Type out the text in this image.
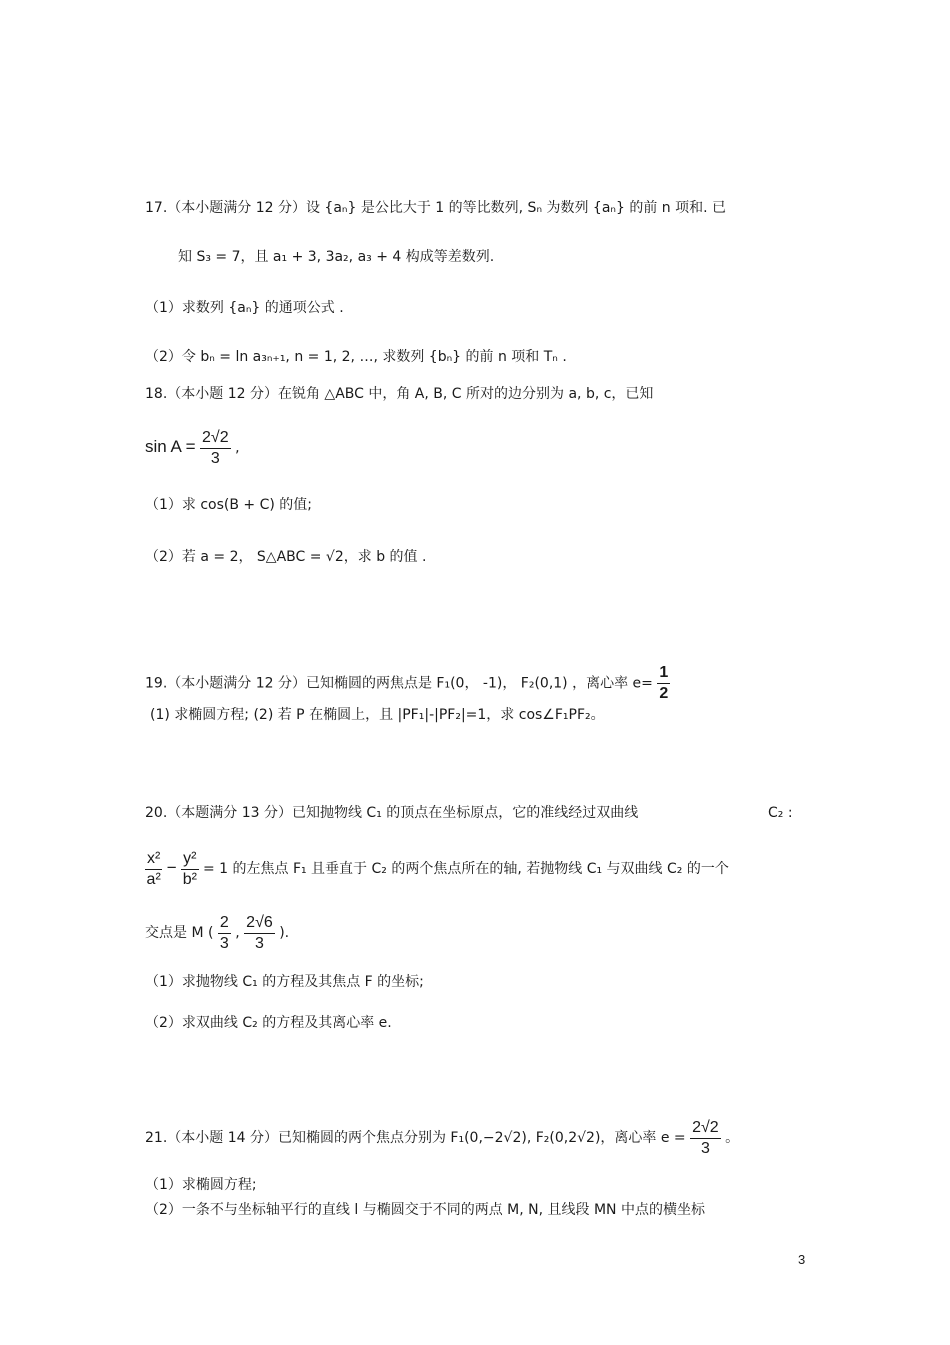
17.（本小题满分 12 分）设 {aₙ} 是公比大于 1 的等比数列, Sₙ 为数列 {aₙ} 的前 n 项和. 已
知 S₃ = 7，且 a₁ + 3, 3a₂, a₃ + 4 构成等差数列.
（1）求数列 {aₙ} 的通项公式 .
（2）令 bₙ = ln a₃ₙ₊₁, n = 1, 2, …, 求数列 {bₙ} 的前 n 项和 Tₙ .
18.（本小题 12 分）在锐角 △ABC 中，角 A, B, C 所对的边分别为 a, b, c，已知
$\sin A = \frac{2√2}{3}$ ,
（1）求 cos(B + C) 的值;
（2）若 a = 2， S△ABC = √2，求 b 的值 .
19.（本小题满分 12 分）已知椭圆的两焦点是 F₁(0， -1)， F₂(0,1) ，离心率 $e= \frac{1}{2}$
(1) 求椭圆方程; (2) 若 P 在椭圆上，且 |PF₁|-|PF₂|=1，求 cos∠F₁PF₂。
20.（本题满分 13 分）已知抛物线 C₁ 的顶点在坐标原点，它的准线经过双曲线	C₂ :
$\frac{\text{x²}}{\text{a²}} - \frac{\text{y²}}{\text{b²}} = 1$ 的左焦点 F₁ 且垂直于 C₂ 的两个焦点所在的轴, 若抛物线 C₁ 与双曲线 C₂ 的一个
交点是 M ( $\frac{2}{3}$ , $\frac{2√6}{3}$ ).
（1）求抛物线 C₁ 的方程及其焦点 F 的坐标;
（2）求双曲线 C₂ 的方程及其离心率 e.
21.（本小题 14 分）已知椭圆的两个焦点分别为 F₁(0,−2√2), F₂(0,2√2)，离心率 $e = \frac{2√2}{3}$ 。
（1）求椭圆方程;
（2）一条不与坐标轴平行的直线 l 与椭圆交于不同的两点 M, N, 且线段 MN 中点的横坐标
3
